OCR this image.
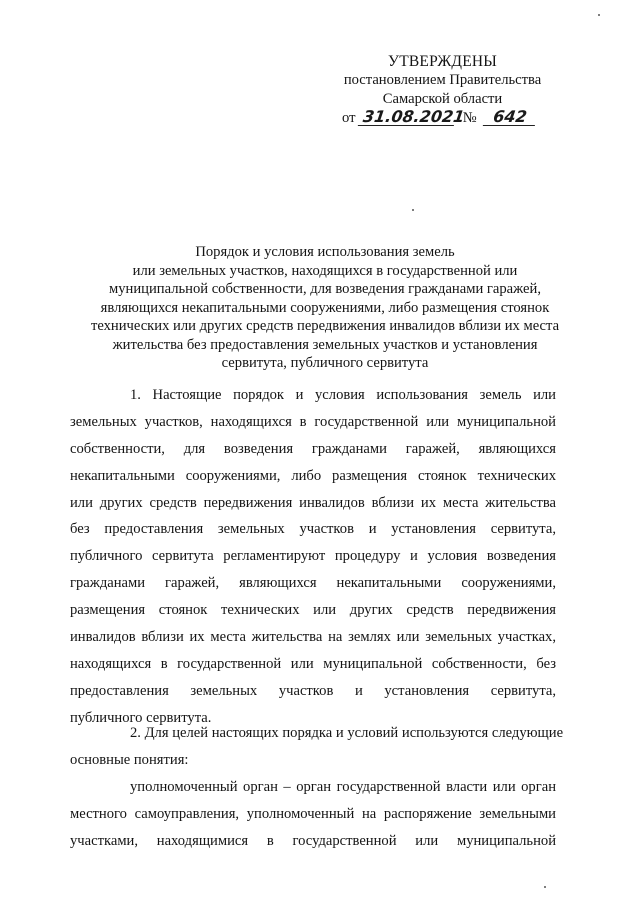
УТВЕРЖДЕНЫ
постановлением Правительства
Самарской области
от 31.08.2021 № 642
Порядок и условия использования земель
или земельных участков, находящихся в государственной или
муниципальной собственности, для возведения гражданами гаражей,
являющихся некапитальными сооружениями, либо размещения стоянок
технических или других средств передвижения инвалидов вблизи их места
жительства без предоставления земельных участков и установления
сервитута, публичного сервитута
1. Настоящие порядок и условия использования земель или
земельных участков, находящихся в государственной или муниципальной
собственности, для возведения гражданами гаражей, являющихся
некапитальными сооружениями, либо размещения стоянок технических
или других средств передвижения инвалидов вблизи их места жительства
без предоставления земельных участков и установления сервитута,
публичного сервитута регламентируют процедуру и условия возведения
гражданами гаражей, являющихся некапитальными сооружениями,
размещения стоянок технических или других средств передвижения
инвалидов вблизи их места жительства на землях или земельных участках,
находящихся в государственной или муниципальной собственности, без
предоставления земельных участков и установления сервитута,
публичного сервитута.
2. Для целей настоящих порядка и условий используются следующие
основные понятия:
уполномоченный орган – орган государственной власти или орган
местного самоуправления, уполномоченный на распоряжение земельными
участками, находящимися в государственной или муниципальной
